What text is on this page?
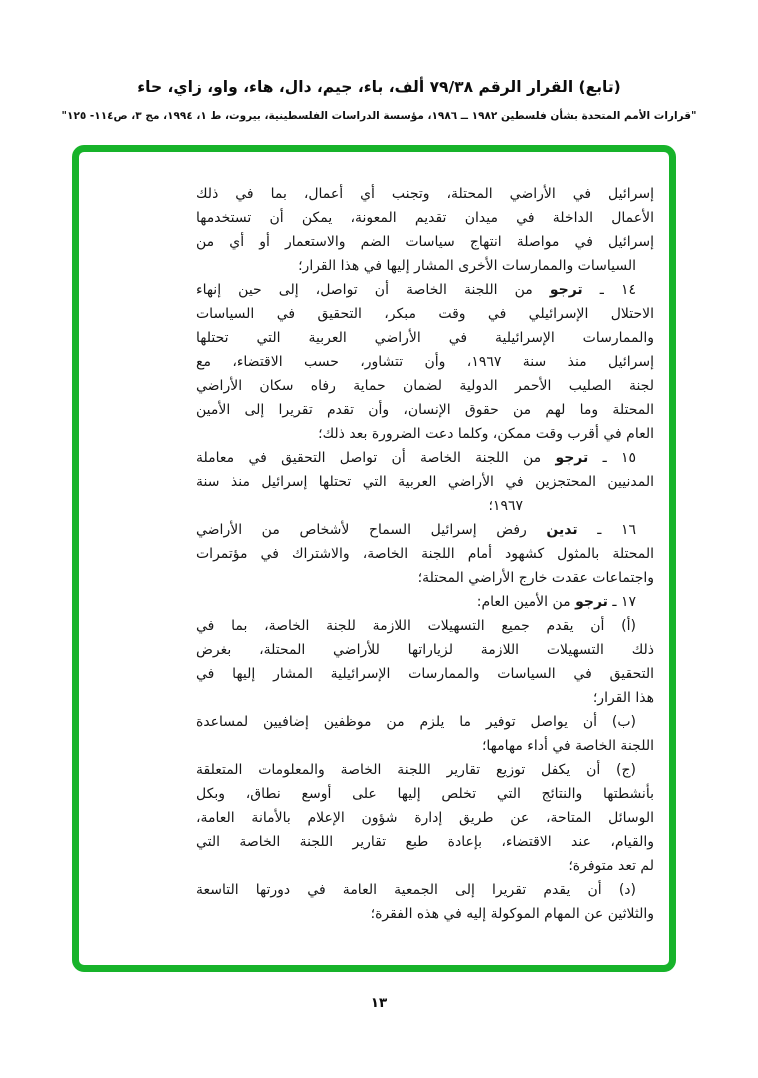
(تابع) القرار الرقم ٧٩/٣٨ ألف، باء، جيم، دال، هاء، واو، زاي، حاء
"قرارات الأمم المتحدة بشأن فلسطين ١٩٨٢ ــ ١٩٨٦، مؤسسة الدراسات الفلسطينية، بيروت، ط ١، ١٩٩٤، مج ٣، ص١١٤- ١٢٥"
إسرائيل في الأراضي المحتلة، وتجنب أي أعمال، بما في ذلك
الأعمال الداخلة في ميدان تقديم المعونة، يمكن أن تستخدمها
إسرائيل في مواصلة انتهاج سياسات الضم والاستعمار أو أي من
السياسات والممارسات الأخرى المشار إليها في هذا القرار؛
١٤ ـ ترجو من اللجنة الخاصة أن تواصل، إلى حين إنهاء
الاحتلال الإسرائيلي في وقت مبكر، التحقيق في السياسات
والممارسات الإسرائيلية في الأراضي العربية التي تحتلها
إسرائيل منذ سنة ١٩٦٧، وأن تتشاور، حسب الاقتضاء، مع
لجنة الصليب الأحمر الدولية لضمان حماية رفاه سكان الأراضي
المحتلة وما لهم من حقوق الإنسان، وأن تقدم تقريرا إلى الأمين
العام في أقرب وقت ممكن، وكلما دعت الضرورة بعد ذلك؛
١٥ ـ ترجو من اللجنة الخاصة أن تواصل التحقيق في معاملة
المدنيين المحتجزين في الأراضي العربية التي تحتلها إسرائيل منذ سنة
١٩٦٧؛
١٦ ـ تدين رفض إسرائيل السماح لأشخاص من الأراضي
المحتلة بالمثول كشهود أمام اللجنة الخاصة، والاشتراك في مؤتمرات
واجتماعات عقدت خارج الأراضي المحتلة؛
١٧ ـ ترجو من الأمين العام:
(أ) أن يقدم جميع التسهيلات اللازمة للجنة الخاصة، بما في
ذلك التسهيلات اللازمة لزياراتها للأراضي المحتلة، بغرض
التحقيق في السياسات والممارسات الإسرائيلية المشار إليها في
هذا القرار؛
(ب) أن يواصل توفير ما يلزم من موظفين إضافيين لمساعدة
اللجنة الخاصة في أداء مهامها؛
(ج) أن يكفل توزيع تقارير اللجنة الخاصة والمعلومات المتعلقة
بأنشطتها والنتائج التي تخلص إليها على أوسع نطاق، وبكل
الوسائل المتاحة، عن طريق إدارة شؤون الإعلام بالأمانة العامة،
والقيام، عند الاقتضاء، بإعادة طبع تقارير اللجنة الخاصة التي
لم تعد متوفرة؛
(د) أن يقدم تقريرا إلى الجمعية العامة في دورتها التاسعة
والثلاثين عن المهام الموكولة إليه في هذه الفقرة؛
١٣
